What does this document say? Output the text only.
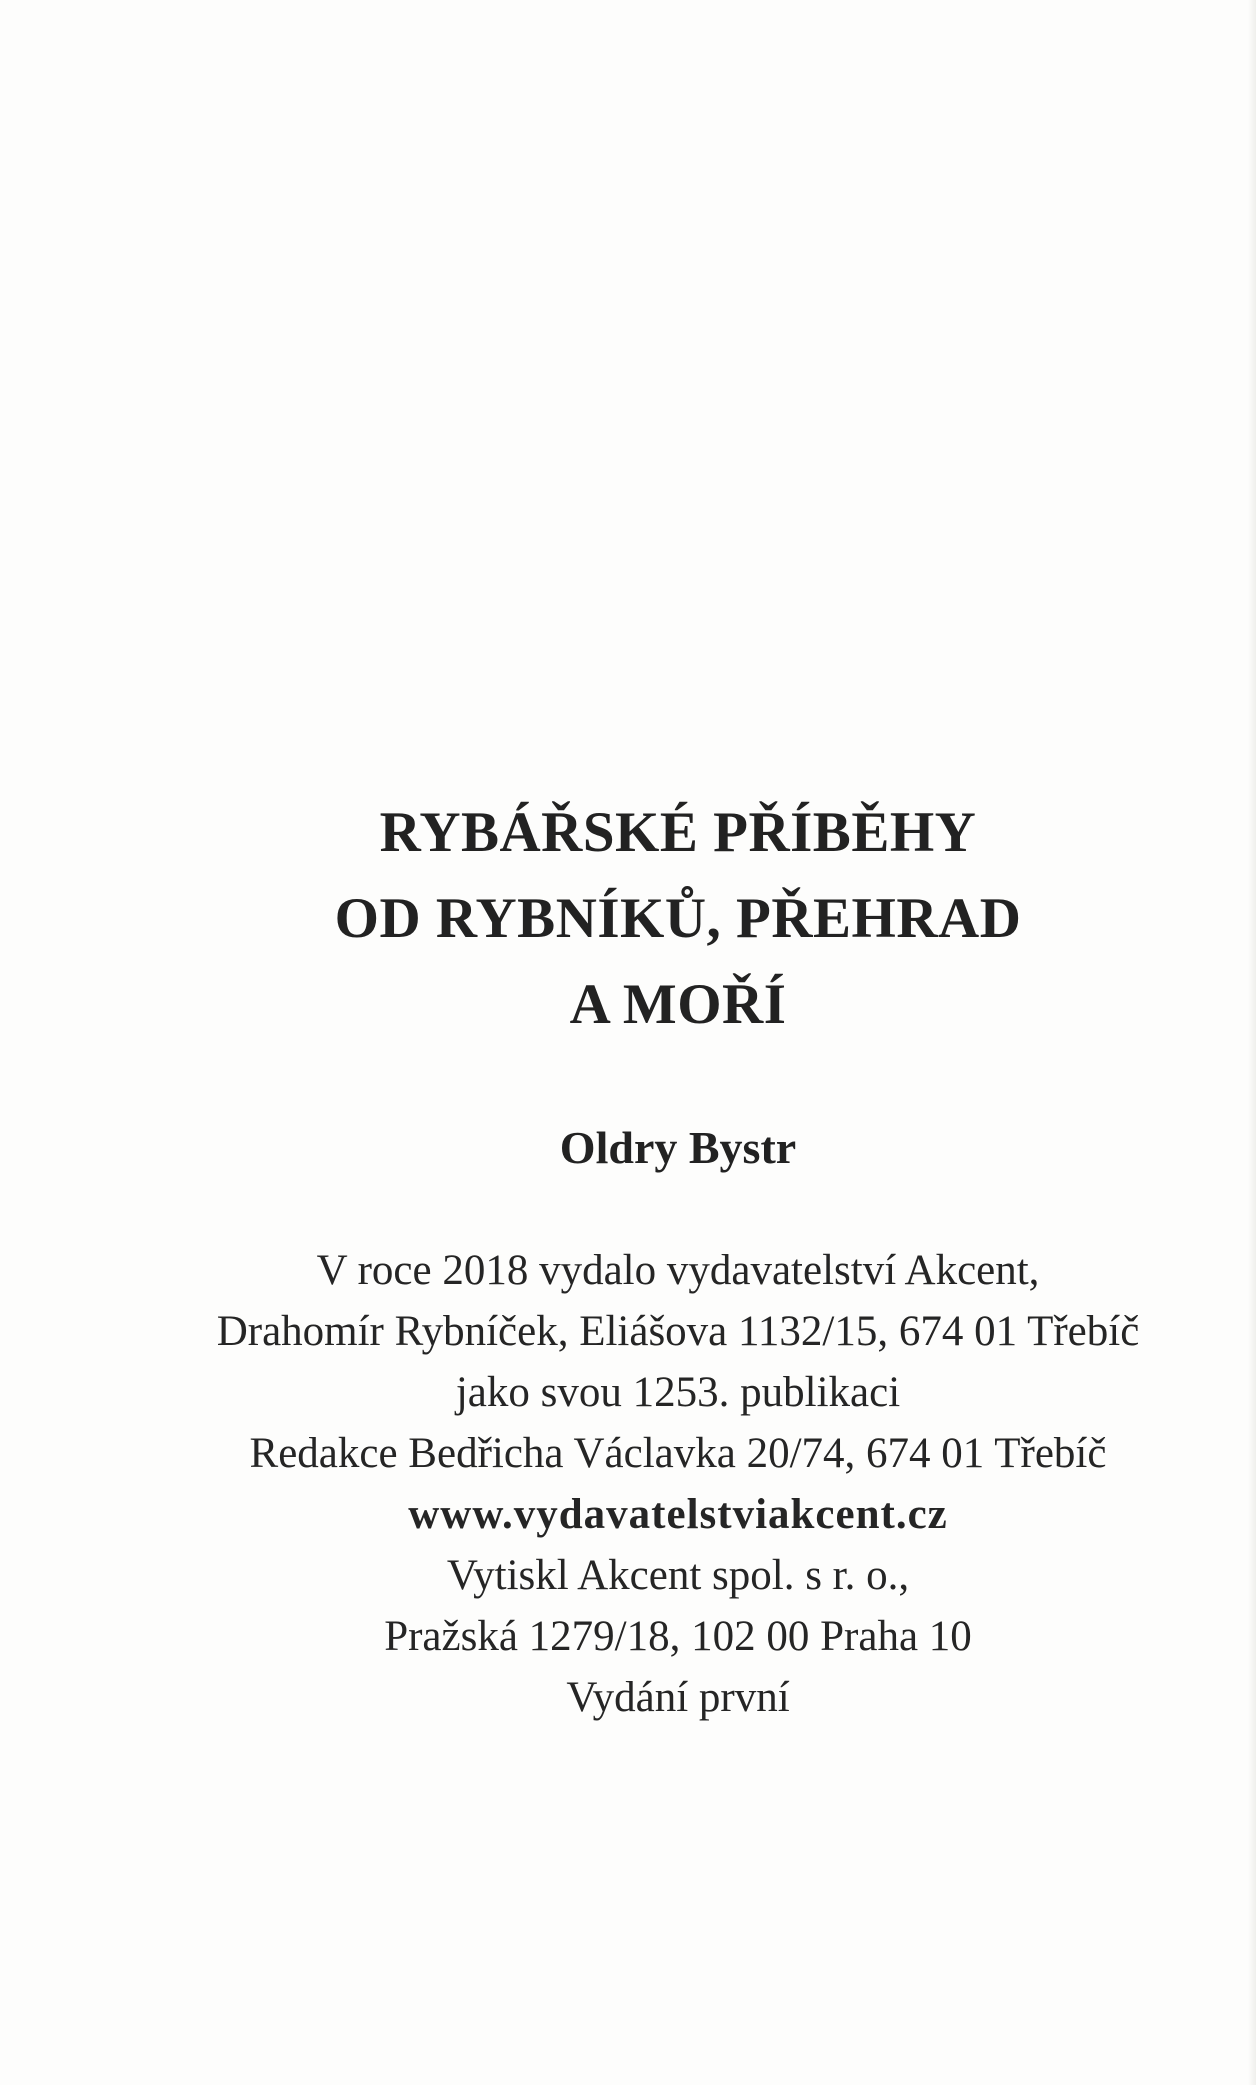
RYBÁŘSKÉ PŘÍBĚHY
OD RYBNÍKŮ, PŘEHRAD
A MOŘÍ
Oldry Bystr
V roce 2018 vydalo vydavatelství Akcent,
Drahomír Rybníček, Eliášova 1132/15, 674 01 Třebíč
jako svou 1253. publikaci
Redakce Bedřicha Václavka 20/74, 674 01 Třebíč
www.vydavatelstviakcent.cz
Vytiskl Akcent spol. s r. o.,
Pražská 1279/18, 102 00 Praha 10
Vydání první
